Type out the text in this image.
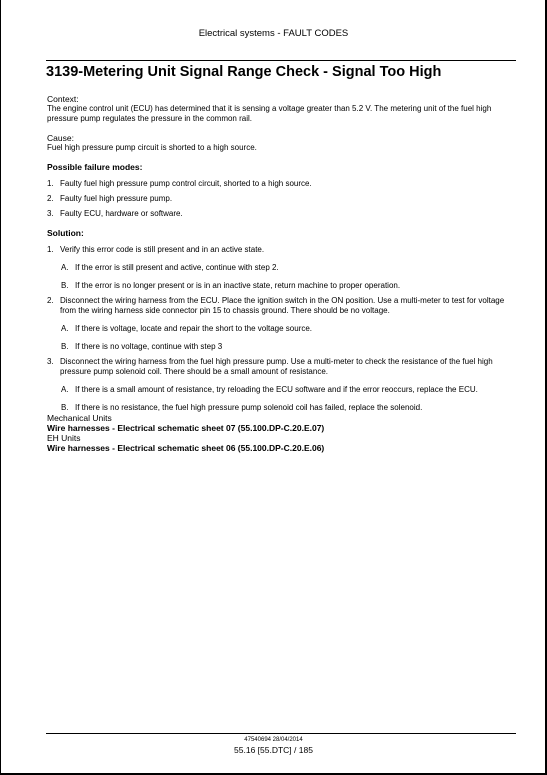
Electrical systems - FAULT CODES
3139-Metering Unit Signal Range Check - Signal Too High
Context:
The engine control unit (ECU) has determined that it is sensing a voltage greater than 5.2 V. The metering unit of the fuel high pressure pump regulates the pressure in the common rail.
Cause:
Fuel high pressure pump circuit is shorted to a high source.
Possible failure modes:
1. Faulty fuel high pressure pump control circuit, shorted to a high source.
2. Faulty fuel high pressure pump.
3. Faulty ECU, hardware or software.
Solution:
1. Verify this error code is still present and in an active state.
A. If the error is still present and active, continue with step 2.
B. If the error is no longer present or is in an inactive state, return machine to proper operation.
2. Disconnect the wiring harness from the ECU. Place the ignition switch in the ON position. Use a multi-meter to test for voltage from the wiring harness side connector pin 15 to chassis ground. There should be no voltage.
A. If there is voltage, locate and repair the short to the voltage source.
B. If there is no voltage, continue with step 3
3. Disconnect the wiring harness from the fuel high pressure pump. Use a multi-meter to check the resistance of the fuel high pressure pump solenoid coil. There should be a small amount of resistance.
A. If there is a small amount of resistance, try reloading the ECU software and if the error reoccurs, replace the ECU.
B. If there is no resistance, the fuel high pressure pump solenoid coil has failed, replace the solenoid.
Mechanical Units
Wire harnesses - Electrical schematic sheet 07 (55.100.DP-C.20.E.07)
EH Units
Wire harnesses - Electrical schematic sheet 06 (55.100.DP-C.20.E.06)
47540694 28/04/2014
55.16 [55.DTC] / 185
